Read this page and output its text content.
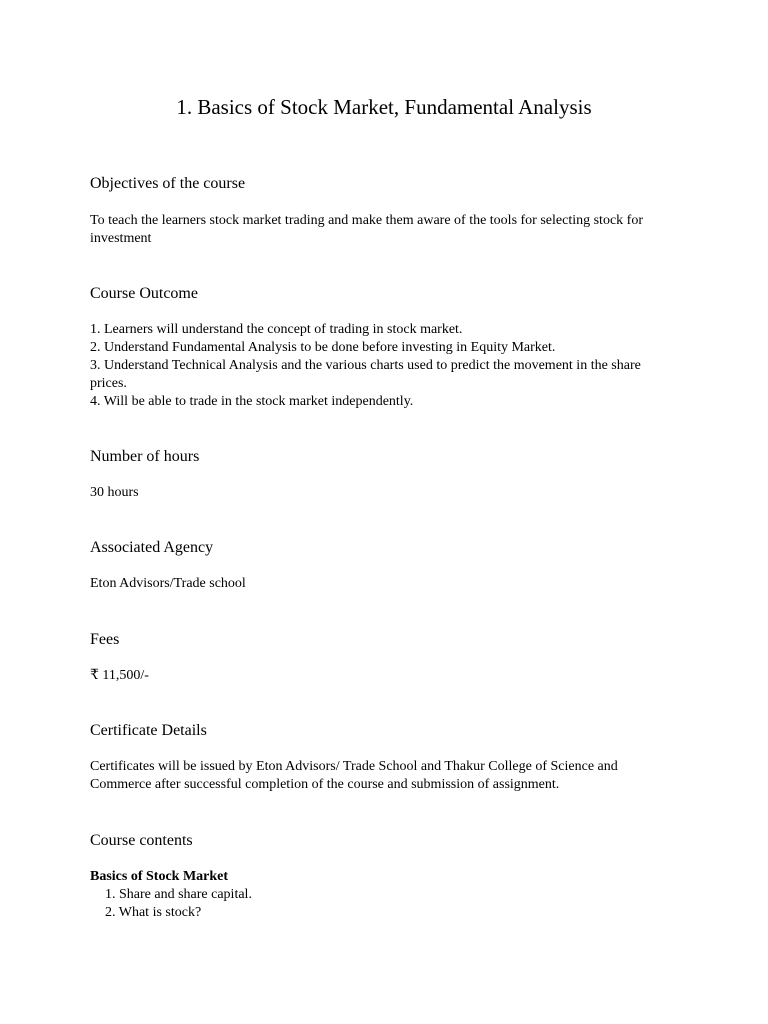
1. Basics of Stock Market, Fundamental Analysis
Objectives of the course
To teach the learners stock market trading and make them aware of the tools for selecting stock for investment
Course Outcome
1. Learners will understand the concept of trading in stock market.
2. Understand Fundamental Analysis to be done before investing in Equity Market.
3. Understand Technical Analysis and the various charts used to predict the movement in the share prices.
4. Will be able to trade in the stock market independently.
Number of hours
30 hours
Associated Agency
Eton Advisors/Trade school
Fees
₹ 11,500/-
Certificate Details
Certificates will be issued by Eton Advisors/ Trade School and Thakur College of Science and Commerce after successful completion of the course and submission of assignment.
Course contents
Basics of Stock Market
1. Share and share capital.
2. What is stock?
